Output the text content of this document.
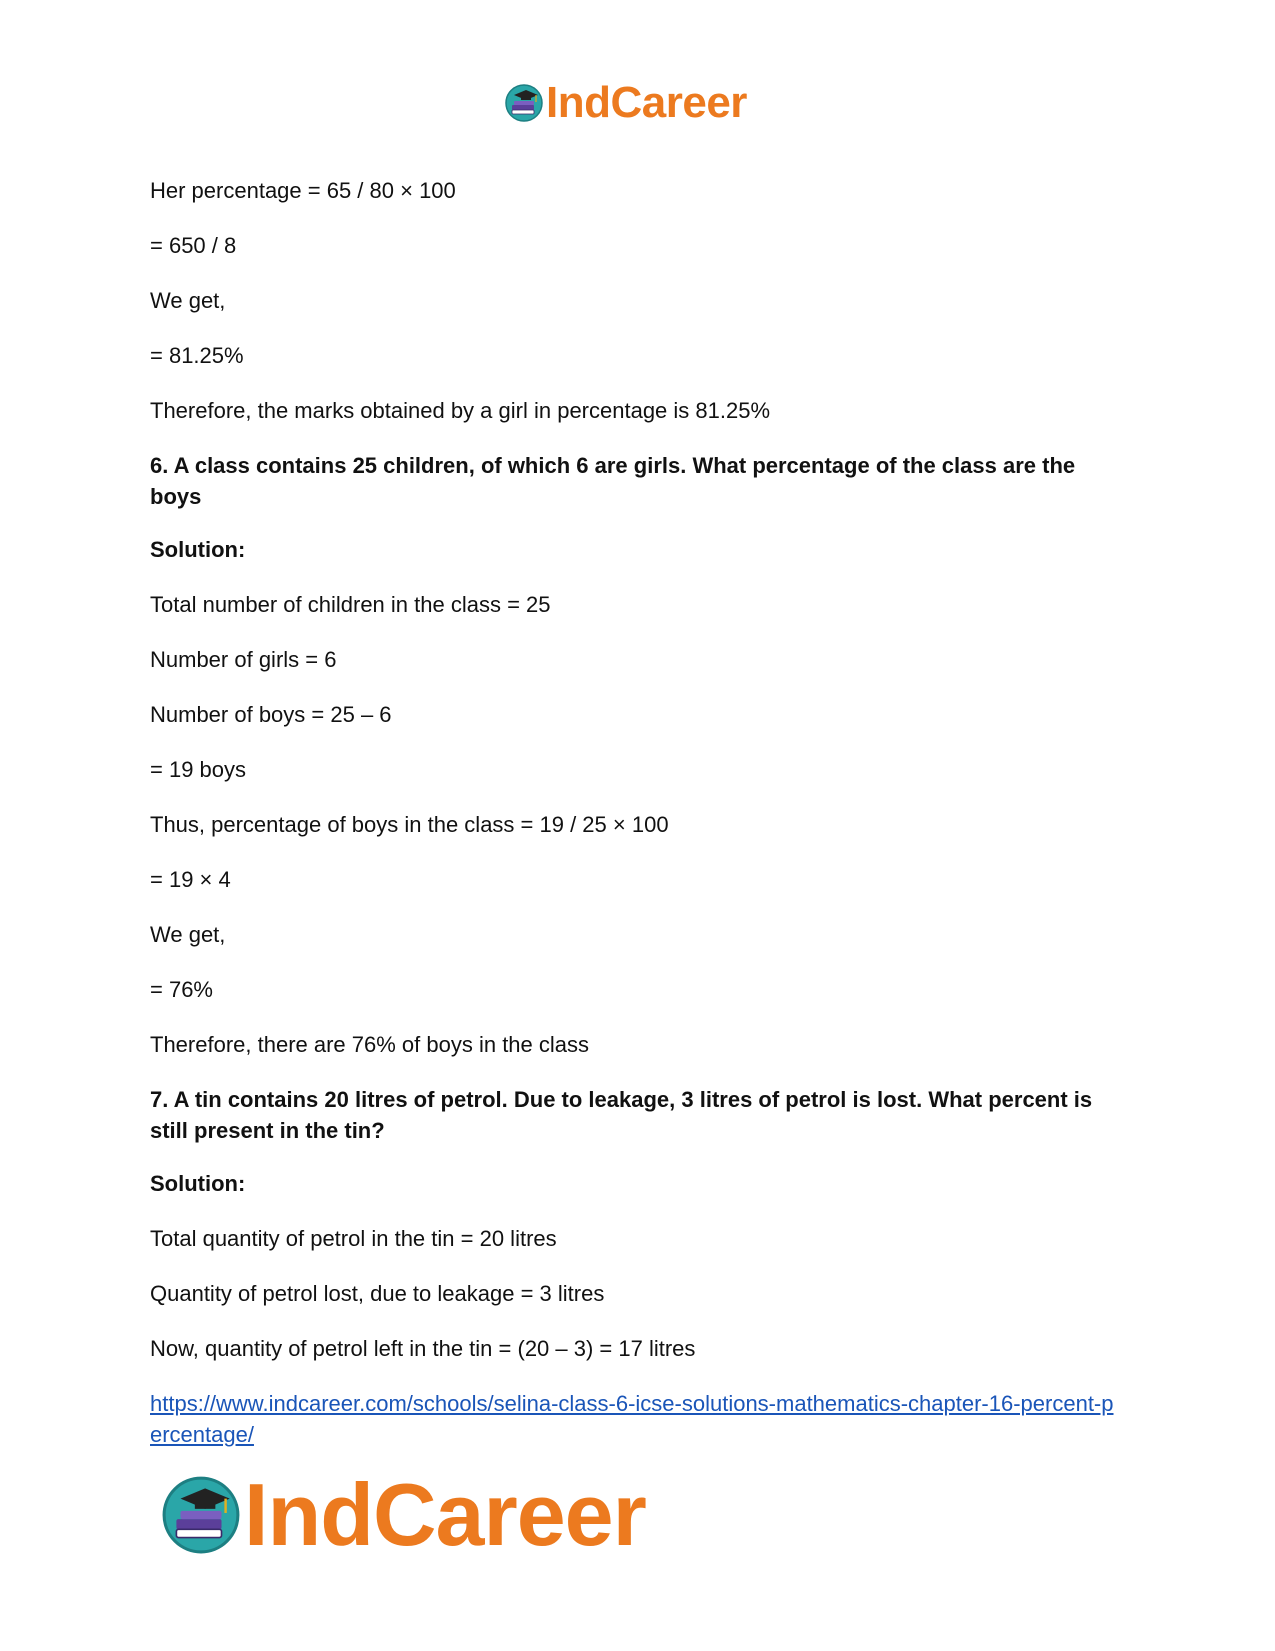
IndCareer

Her percentage = 65 / 80 × 100

= 650 / 8

We get,

= 81.25%

Therefore, the marks obtained by a girl in percentage is 81.25%

6. A class contains 25 children, of which 6 are girls. What percentage of the class are the boys

Solution:

Total number of children in the class = 25

Number of girls = 6

Number of boys = 25 – 6

= 19 boys

Thus, percentage of boys in the class = 19 / 25 × 100

= 19 × 4

We get,

= 76%

Therefore, there are 76% of boys in the class

7. A tin contains 20 litres of petrol. Due to leakage, 3 litres of petrol is lost. What percent is still present in the tin?

Solution:

Total quantity of petrol in the tin = 20 litres

Quantity of petrol lost, due to leakage = 3 litres

Now, quantity of petrol left in the tin = (20 – 3) = 17 litres

https://www.indcareer.com/schools/selina-class-6-icse-solutions-mathematics-chapter-16-percent-percentage/

IndCareer
